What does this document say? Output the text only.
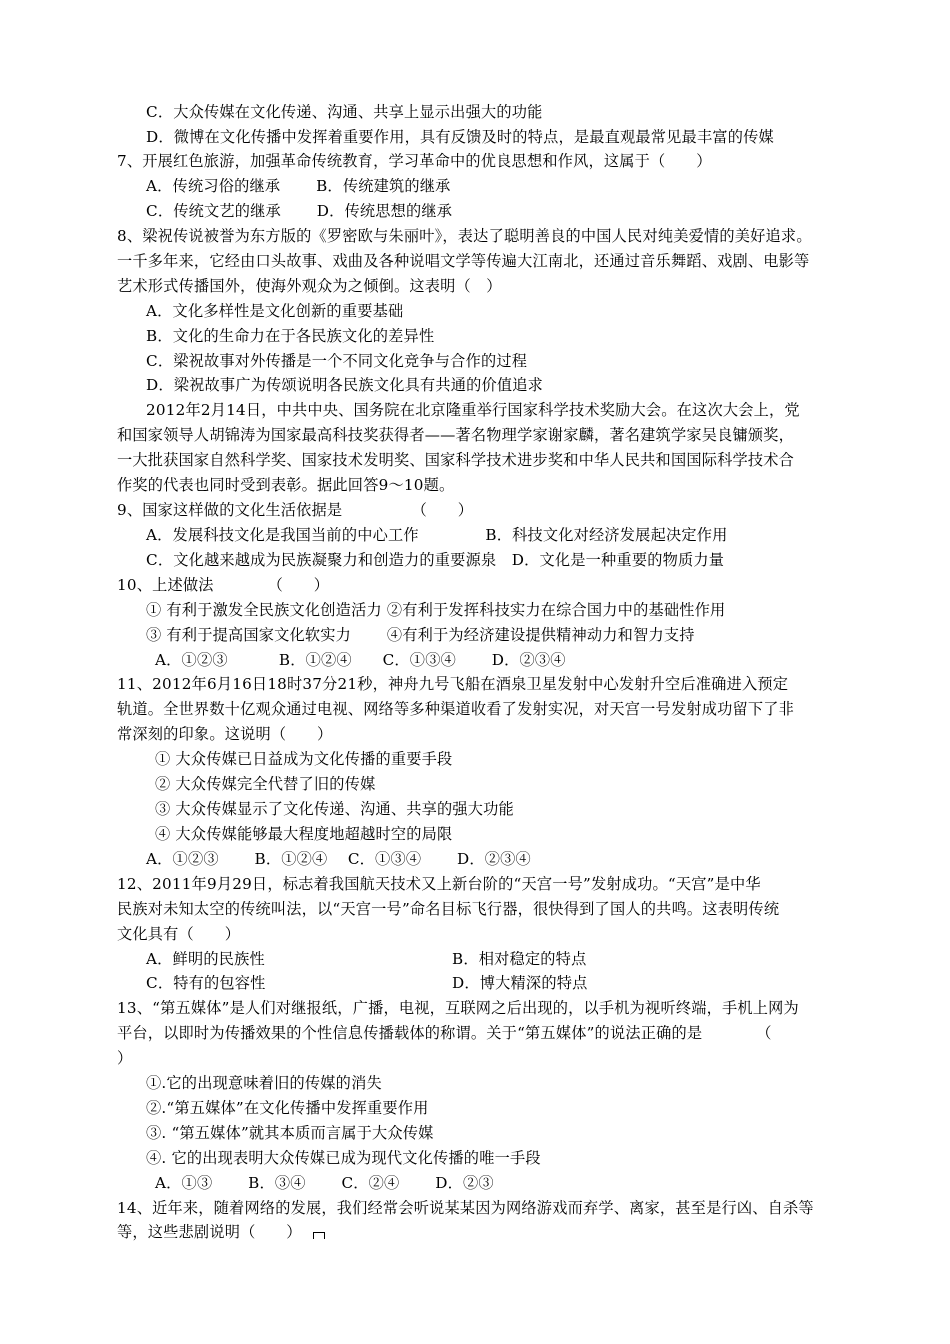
C．大众传媒在文化传递、沟通、共享上显示出强大的功能
D．微博在文化传播中发挥着重要作用，具有反馈及时的特点，是最直观最常见最丰富的传媒
7、开展红色旅游，加强革命传统教育，学习革命中的优良思想和作风，这属于（　　）
A．传统习俗的继承　　 B．传统建筑的继承
C．传统文艺的继承　　 D．传统思想的继承
8、梁祝传说被誉为东方版的《罗密欧与朱丽叶》，表达了聪明善良的中国人民对纯美爱情的美好追求。
一千多年来，它经由口头故事、戏曲及各种说唱文学等传遍大江南北，还通过音乐舞蹈、戏剧、电影等
艺术形式传播国外，使海外观众为之倾倒。这表明（　）
A．文化多样性是文化创新的重要基础
B．文化的生命力在于各民族文化的差异性
C．梁祝故事对外传播是一个不同文化竞争与合作的过程
D．梁祝故事广为传颂说明各民族文化具有共通的价值追求
2012年2月14日，中共中央、国务院在北京隆重举行国家科学技术奖励大会。在这次大会上，党
和国家领导人胡锦涛为国家最高科技奖获得者——著名物理学家谢家麟，著名建筑学家吴良镛颁奖，
一大批获国家自然科学奖、国家技术发明奖、国家科学技术进步奖和中华人民共和国国际科学技术合
作奖的代表也同时受到表彰。据此回答9～10题。
9、国家这样做的文化生活依据是　　　　　（　　）
A．发展科技文化是我国当前的中心工作　　　　 B．科技文化对经济发展起决定作用
C．文化越来越成为民族凝聚力和创造力的重要源泉　D．文化是一种重要的物质力量
10、上述做法　　　　（　　）
① 有利于激发全民族文化创造活力 ②有利于发挥科技实力在综合国力中的基础性作用
③ 有利于提高国家文化软实力　　 ④有利于为经济建设提供精神动力和智力支持
A．①②③　　　 B．①②④　　C．①③④　　 D．②③④
11、2012年6月16日18时37分21秒，神舟九号飞船在酒泉卫星发射中心发射升空后准确进入预定
轨道。全世界数十亿观众通过电视、网络等多种渠道收看了发射实况，对天宫一号发射成功留下了非
常深刻的印象。这说明（　　）
① 大众传媒已日益成为文化传播的重要手段
② 大众传媒完全代替了旧的传媒
③ 大众传媒显示了文化传递、沟通、共享的强大功能
④ 大众传媒能够最大程度地超越时空的局限
A．①②③　　 B．①②④　 C．①③④　　 D．②③④
12、2011年9月29日，标志着我国航天技术又上新台阶的“天宫一号”发射成功。“天宫”是中华
民族对未知太空的传统叫法，以“天宫一号”命名目标飞行器，很快得到了国人的共鸣。这表明传统
文化具有（　　）
A．鲜明的民族性	B．相对稳定的特点
C．特有的包容性	D．博大精深的特点
13、“第五媒体”是人们对继报纸，广播，电视，互联网之后出现的，以手机为视听终端，手机上网为
平台，以即时为传播效果的个性信息传播载体的称谓。关于“第五媒体”的说法正确的是　　　　（
）
①.它的出现意味着旧的传媒的消失
②.“第五媒体”在文化传播中发挥重要作用
③. “第五媒体”就其本质而言属于大众传媒
④. 它的出现表明大众传媒已成为现代文化传播的唯一手段
A．①③　　 B．③④　　 C．②④　　 D．②③
14、近年来，随着网络的发展，我们经常会听说某某因为网络游戏而弃学、离家，甚至是行凶、自杀等
等，这些悲剧说明（　　）
